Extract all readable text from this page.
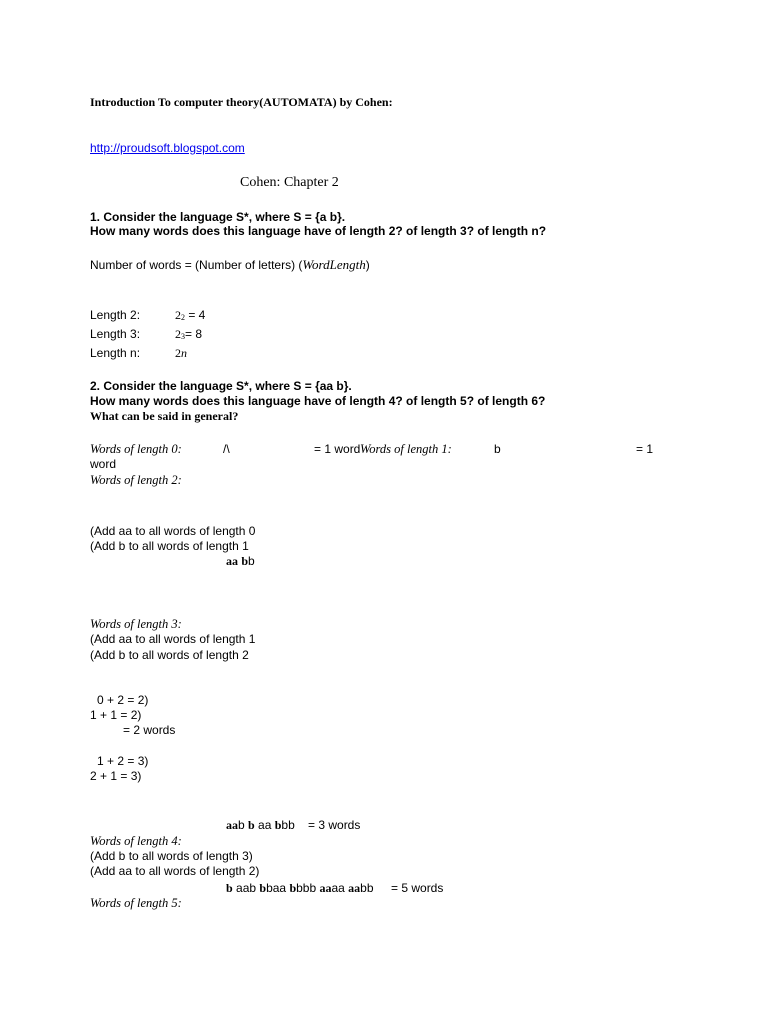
Introduction To computer theory(AUTOMATA) by Cohen:
http://proudsoft.blogspot.com
Cohen: Chapter 2
1. Consider the language S*, where S = {a b}.
How many words does this language have of length 2? of length 3? of length n?
Number of words = (Number of letters) (WordLength)
Length 2:	$2_2 = 4$
Length 3:	$2_3= 8$
Length n:	2n
2. Consider the language S*, where S = {aa b}.
How many words does this language have of length 4? of length 5? of length 6?
What can be said in general?
Words of length 0:	/\	= 1 word Words of length 1:	b	= 1
word
Words of length 2:
(Add aa to all words of length 0
(Add b to all words of length 1
aa bb
Words of length 3:
(Add aa to all words of length 1
(Add b to all words of length 2
0 + 2 = 2)
1 + 1 = 2)
= 2 words
1 + 2 = 3)
2 + 1 = 3)
aab b aa bbb = 3 words
Words of length 4:
(Add b to all words of length 3)
(Add aa to all words of length 2)
b aab bbaa bbbb aaaa aabb = 5 words
Words of length 5:
